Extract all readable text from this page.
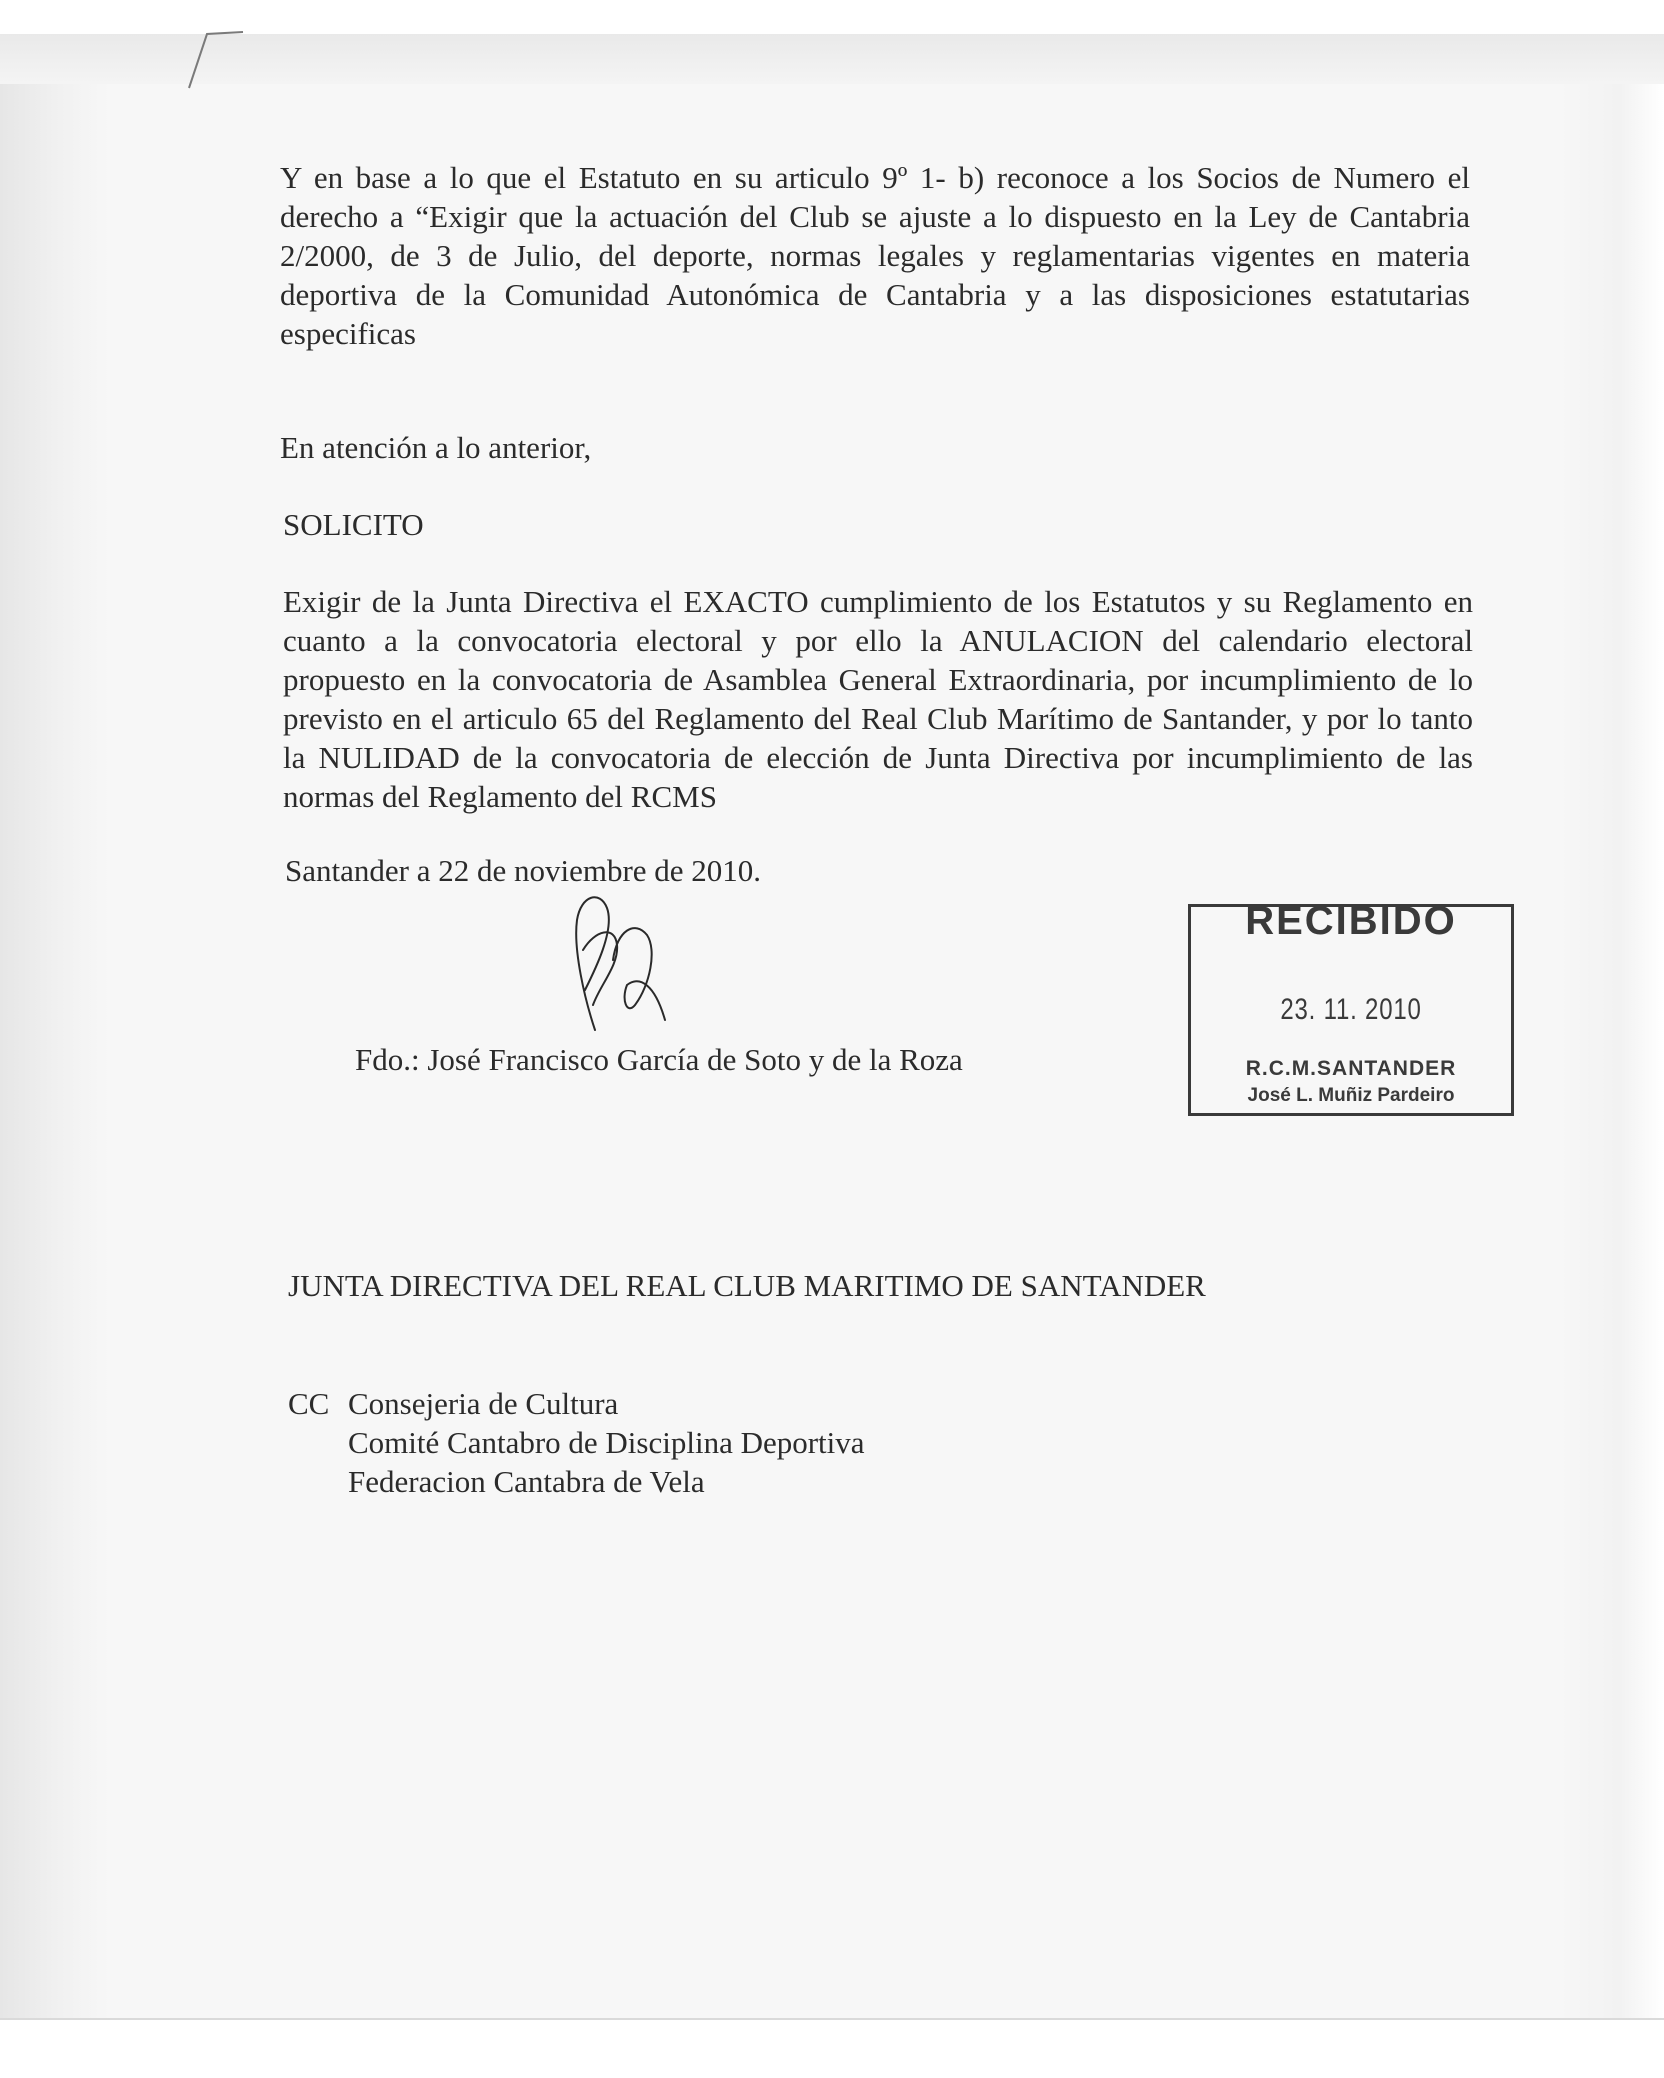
Y en base a lo que el Estatuto en su articulo 9º 1- b) reconoce a los Socios de Numero el derecho a “Exigir que la actuación del Club se ajuste a lo dispuesto en la Ley de Cantabria 2/2000, de 3 de Julio, del deporte, normas legales y reglamentarias vigentes en materia deportiva de la Comunidad Autonómica de Cantabria y a las disposiciones estatutarias especificas

En atención a lo anterior,

SOLICITO

Exigir de la Junta Directiva el EXACTO cumplimiento de los Estatutos y su Reglamento en cuanto a la convocatoria electoral y por ello la ANULACION del calendario electoral propuesto en la convocatoria de Asamblea General Extraordinaria, por incumplimiento de lo previsto en el articulo 65 del Reglamento del Real Club Marítimo de Santander, y por lo tanto la NULIDAD de la convocatoria de elección de Junta Directiva por incumplimiento de las normas del Reglamento del RCMS

Santander a 22 de noviembre de 2010.

Fdo.: José Francisco García de Soto y de la Roza

RECIBIDO
23. 11. 2010
R.C.M.SANTANDER
José L. Muñiz Pardeiro

JUNTA DIRECTIVA DEL REAL CLUB MARITIMO DE SANTANDER

CC Consejeria de Cultura
Comité Cantabro de Disciplina Deportiva
Federacion Cantabra de Vela
